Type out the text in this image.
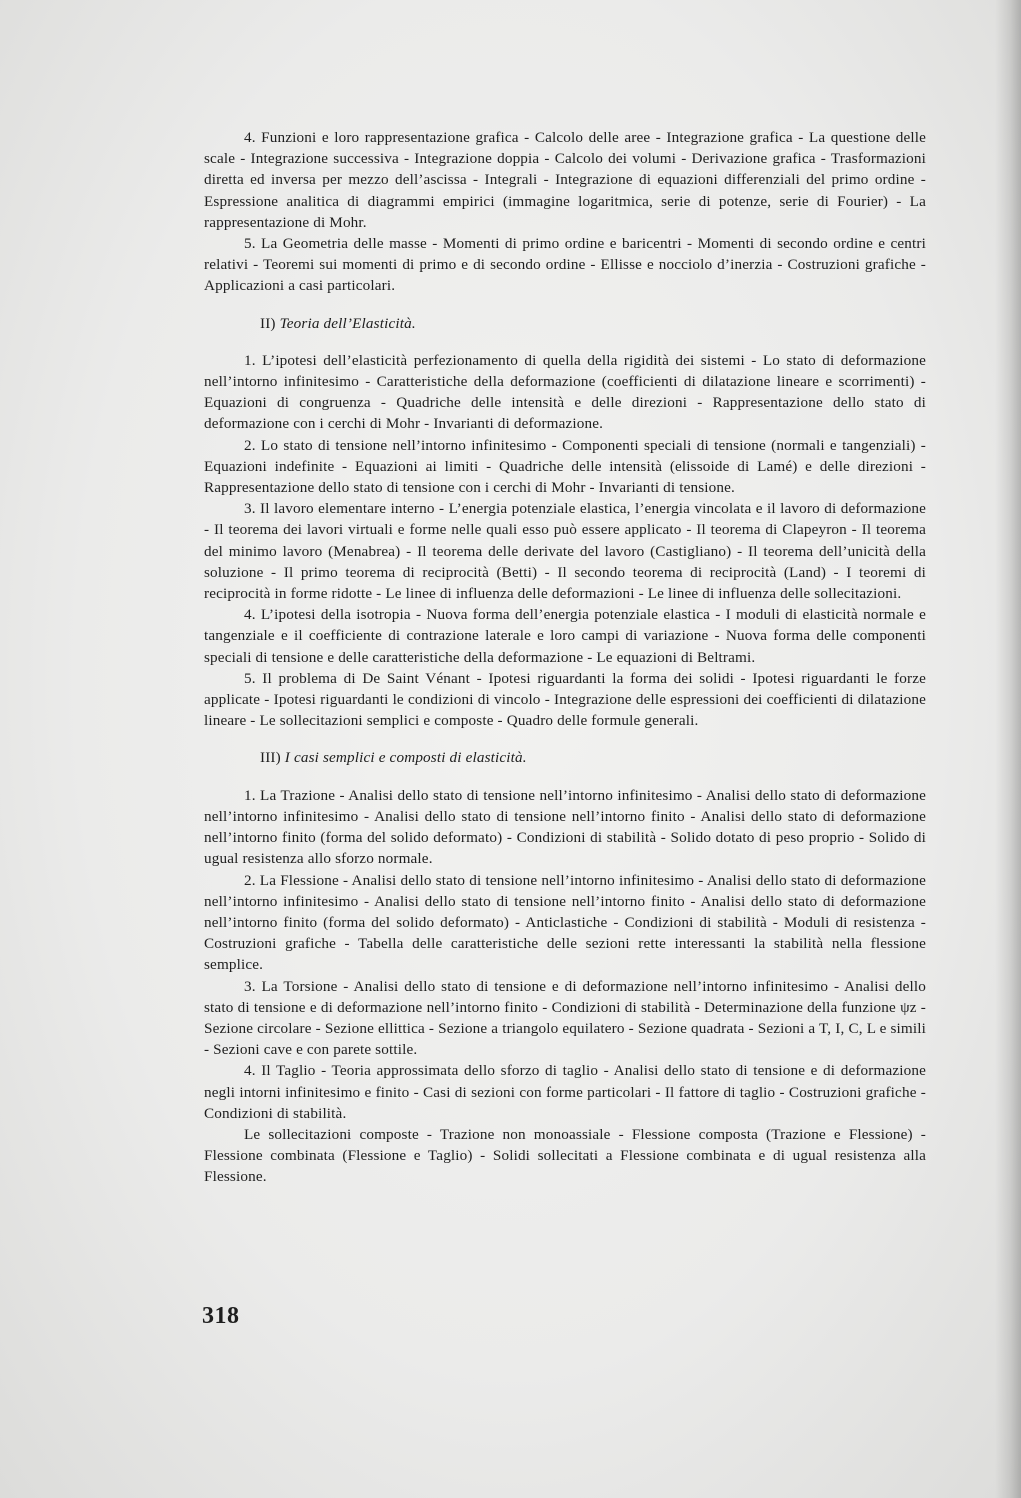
4. Funzioni e loro rappresentazione grafica - Calcolo delle aree - Integrazione grafica - La questione delle scale - Integrazione successiva - Integrazione doppia - Calcolo dei volumi - Derivazione grafica - Trasformazioni diretta ed inversa per mezzo dell’ascissa - Integrali - Integrazione di equazioni differenziali del primo ordine - Espressione analitica di diagrammi empirici (immagine logaritmica, serie di potenze, serie di Fourier) - La rappresentazione di Mohr.

5. La Geometria delle masse - Momenti di primo ordine e baricentri - Momenti di secondo ordine e centri relativi - Teoremi sui momenti di primo e di secondo ordine - Ellisse e nocciolo d’inerzia - Costruzioni grafiche - Applicazioni a casi particolari.

II) Teoria dell’Elasticità.

1. L’ipotesi dell’elasticità perfezionamento di quella della rigidità dei sistemi - Lo stato di deformazione nell’intorno infinitesimo - Caratteristiche della deformazione (coefficienti di dilatazione lineare e scorrimenti) - Equazioni di congruenza - Quadriche delle intensità e delle direzioni - Rappresentazione dello stato di deformazione con i cerchi di Mohr - Invarianti di deformazione.

2. Lo stato di tensione nell’intorno infinitesimo - Componenti speciali di tensione (normali e tangenziali) - Equazioni indefinite - Equazioni ai limiti - Quadriche delle intensità (elissoide di Lamé) e delle direzioni - Rappresentazione dello stato di tensione con i cerchi di Mohr - Invarianti di tensione.

3. Il lavoro elementare interno - L’energia potenziale elastica, l’energia vincolata e il lavoro di deformazione - Il teorema dei lavori virtuali e forme nelle quali esso può essere applicato - Il teorema di Clapeyron - Il teorema del minimo lavoro (Menabrea) - Il teorema delle derivate del lavoro (Castigliano) - Il teorema dell’unicità della soluzione - Il primo teorema di reciprocità (Betti) - Il secondo teorema di reciprocità (Land) - I teoremi di reciprocità in forme ridotte - Le linee di influenza delle deformazioni - Le linee di influenza delle sollecitazioni.

4. L’ipotesi della isotropia - Nuova forma dell’energia potenziale elastica - I moduli di elasticità normale e tangenziale e il coefficiente di contrazione laterale e loro campi di variazione - Nuova forma delle componenti speciali di tensione e delle caratteristiche della deformazione - Le equazioni di Beltrami.

5. Il problema di De Saint Vénant - Ipotesi riguardanti la forma dei solidi - Ipotesi riguardanti le forze applicate - Ipotesi riguardanti le condizioni di vincolo - Integrazione delle espressioni dei coefficienti di dilatazione lineare - Le sollecitazioni semplici e composte - Quadro delle formule generali.

III) I casi semplici e composti di elasticità.

1. La Trazione - Analisi dello stato di tensione nell’intorno infinitesimo - Analisi dello stato di deformazione nell’intorno infinitesimo - Analisi dello stato di tensione nell’intorno finito - Analisi dello stato di deformazione nell’intorno finito (forma del solido deformato) - Condizioni di stabilità - Solido dotato di peso proprio - Solido di ugual resistenza allo sforzo normale.

2. La Flessione - Analisi dello stato di tensione nell’intorno infinitesimo - Analisi dello stato di deformazione nell’intorno infinitesimo - Analisi dello stato di tensione nell’intorno finito - Analisi dello stato di deformazione nell’intorno finito (forma del solido deformato) - Anticlastiche - Condizioni di stabilità - Moduli di resistenza - Costruzioni grafiche - Tabella delle caratteristiche delle sezioni rette interessanti la stabilità nella flessione semplice.

3. La Torsione - Analisi dello stato di tensione e di deformazione nell’intorno infinitesimo - Analisi dello stato di tensione e di deformazione nell’intorno finito - Condizioni di stabilità - Determinazione della funzione ψz - Sezione circolare - Sezione ellittica - Sezione a triangolo equilatero - Sezione quadrata - Sezioni a T, I, C, L e simili - Sezioni cave e con parete sottile.

4. Il Taglio - Teoria approssimata dello sforzo di taglio - Analisi dello stato di tensione e di deformazione negli intorni infinitesimo e finito - Casi di sezioni con forme particolari - Il fattore di taglio - Costruzioni grafiche - Condizioni di stabilità.

Le sollecitazioni composte - Trazione non monoassiale - Flessione composta (Trazione e Flessione) - Flessione combinata (Flessione e Taglio) - Solidi sollecitati a Flessione combinata e di ugual resistenza alla Flessione.

318
